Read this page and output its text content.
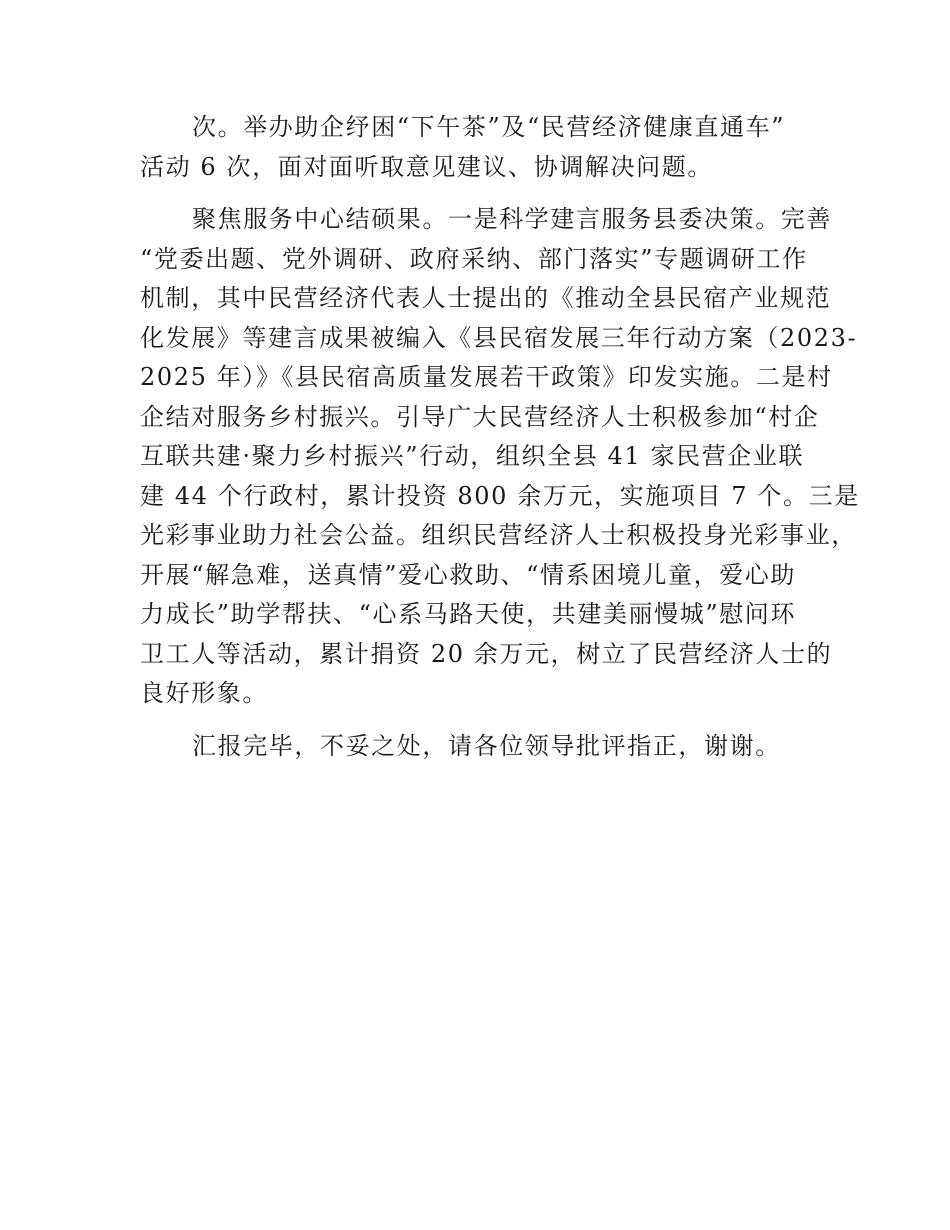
次。举办助企纾困“下午茶”及“民营经济健康直通车”
活动 6 次，面对面听取意见建议、协调解决问题。
聚焦服务中心结硕果。一是科学建言服务县委决策。完善
“党委出题、党外调研、政府采纳、部门落实”专题调研工作
机制，其中民营经济代表人士提出的《推动全县民宿产业规范
化发展》等建言成果被编入《县民宿发展三年行动方案（2023-
2025 年）》《县民宿高质量发展若干政策》印发实施。二是村
企结对服务乡村振兴。引导广大民营经济人士积极参加“村企
互联共建·聚力乡村振兴”行动，组织全县 41 家民营企业联
建 44 个行政村，累计投资 800 余万元，实施项目 7 个。三是
光彩事业助力社会公益。组织民营经济人士积极投身光彩事业，
开展“解急难，送真情”爱心救助、“情系困境儿童，爱心助
力成长”助学帮扶、“心系马路天使，共建美丽慢城”慰问环
卫工人等活动，累计捐资 20 余万元，树立了民营经济人士的
良好形象。
汇报完毕，不妥之处，请各位领导批评指正，谢谢。
